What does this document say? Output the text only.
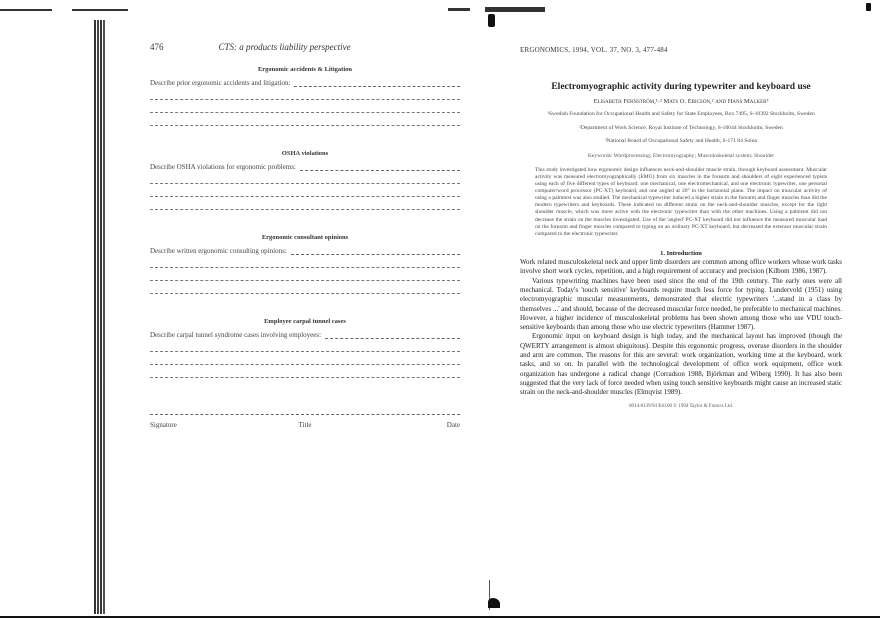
476	CTS: a products liability perspective
Ergonomic accidents & Litigation
Describe prior ergonomic accidents and litigation:
OSHA violations
Describe OSHA violations for ergonomic problems:
Ergonomic consultant opinions
Describe written ergonomic consulting opinions:
Employee carpal tunnel cases
Describe carpal tunnel syndrome cases involving employees:
Signature	Title	Date
ERGONOMICS, 1994, VOL. 37, NO. 3, 477-484
Electromyographic activity during typewriter and keyboard use
Elisabeth Fernström,¹·² Mats O. Ericson,² and Hans Malker³
¹Swedish Foundation for Occupational Health and Safety for State Employees, Box 7495, S-10392 Stockholm, Sweden
²Department of Work Science, Royal Institute of Technology, S-10044 Stockholm, Sweden
³National Board of Occupational Safety and Health, S-171 84 Solna
Keywords: Wordprocessing; Electromyography; Musculoskeletal system; Shoulder
This study investigated how ergonomic design influences neck-and-shoulder muscle strain, through keyboard assessment. Muscular activity was measured electromyographically (EMG) from six muscles in the forearm and shoulders of eight experienced typists using each of five different types of keyboard: one mechanical, one electromechanical, and one electronic typewriter, one personal computer/word processor (PC-XT) keyboard, and one angled at 20° in the horizontal plane. The impact on muscular activity of using a palmrest was also studied. The mechanical typewriter induced a higher strain in the forearm and finger muscles than did the modern typewriters and keyboards. These indicated no different strain on the neck-and-shoulder muscles, except for the right shoulder muscle, which was more active with the electronic typewriter than with the other machines. Using a palmrest did not decrease the strain on the muscles investigated. Use of the 'angled' PC-XT keyboard did not influence the measured muscular load on the forearm and finger muscles compared to typing on an ordinary PC-XT keyboard, but decreased the extensor muscular strain compared to the electronic typewriter.
1. Introduction

Work related musculoskeletal neck and upper limb disorders are common among office workers whose work tasks involve short work cycles, repetition, and a high requirement of accuracy and precision (Kilbom 1986, 1987).

Various typewriting machines have been used since the end of the 19th century. The early ones were all mechanical. Today's 'touch sensitive' keyboards require much less force for typing. Lundervold (1951) using electromyographic muscular measurements, demonstrated that electric typewriters '...stand in a class by themselves ...' and should, because of the decreased muscular force needed, be preferable to mechanical machines. However, a higher incidence of musculoskeletal problems has been shown among those who use VDU touch-sensitive keyboards than among those who use electric typewriters (Hammer 1987).

Ergonomic input on keyboard design is high today, and the mechanical layout has improved (though the QWERTY arrangement is almost ubiquitous). Despite this ergonomic progress, overuse disorders in the shoulder and arm are common. The reasons for this are several: work organization, working time at the keyboard, work tasks, and so on. In parallel with the technological development of office work equipment, office work organization has undergone a radical change (Corradson 1988, Björkman and Wiberg 1990). It has also been suggested that the very lack of force needed when using touch sensitive keyboards might cause an increased static strain on the neck-and-shoulder muscles (Elmqvist 1989).

0014-0139/94 $10.00 © 1994 Taylor & Francis Ltd.
